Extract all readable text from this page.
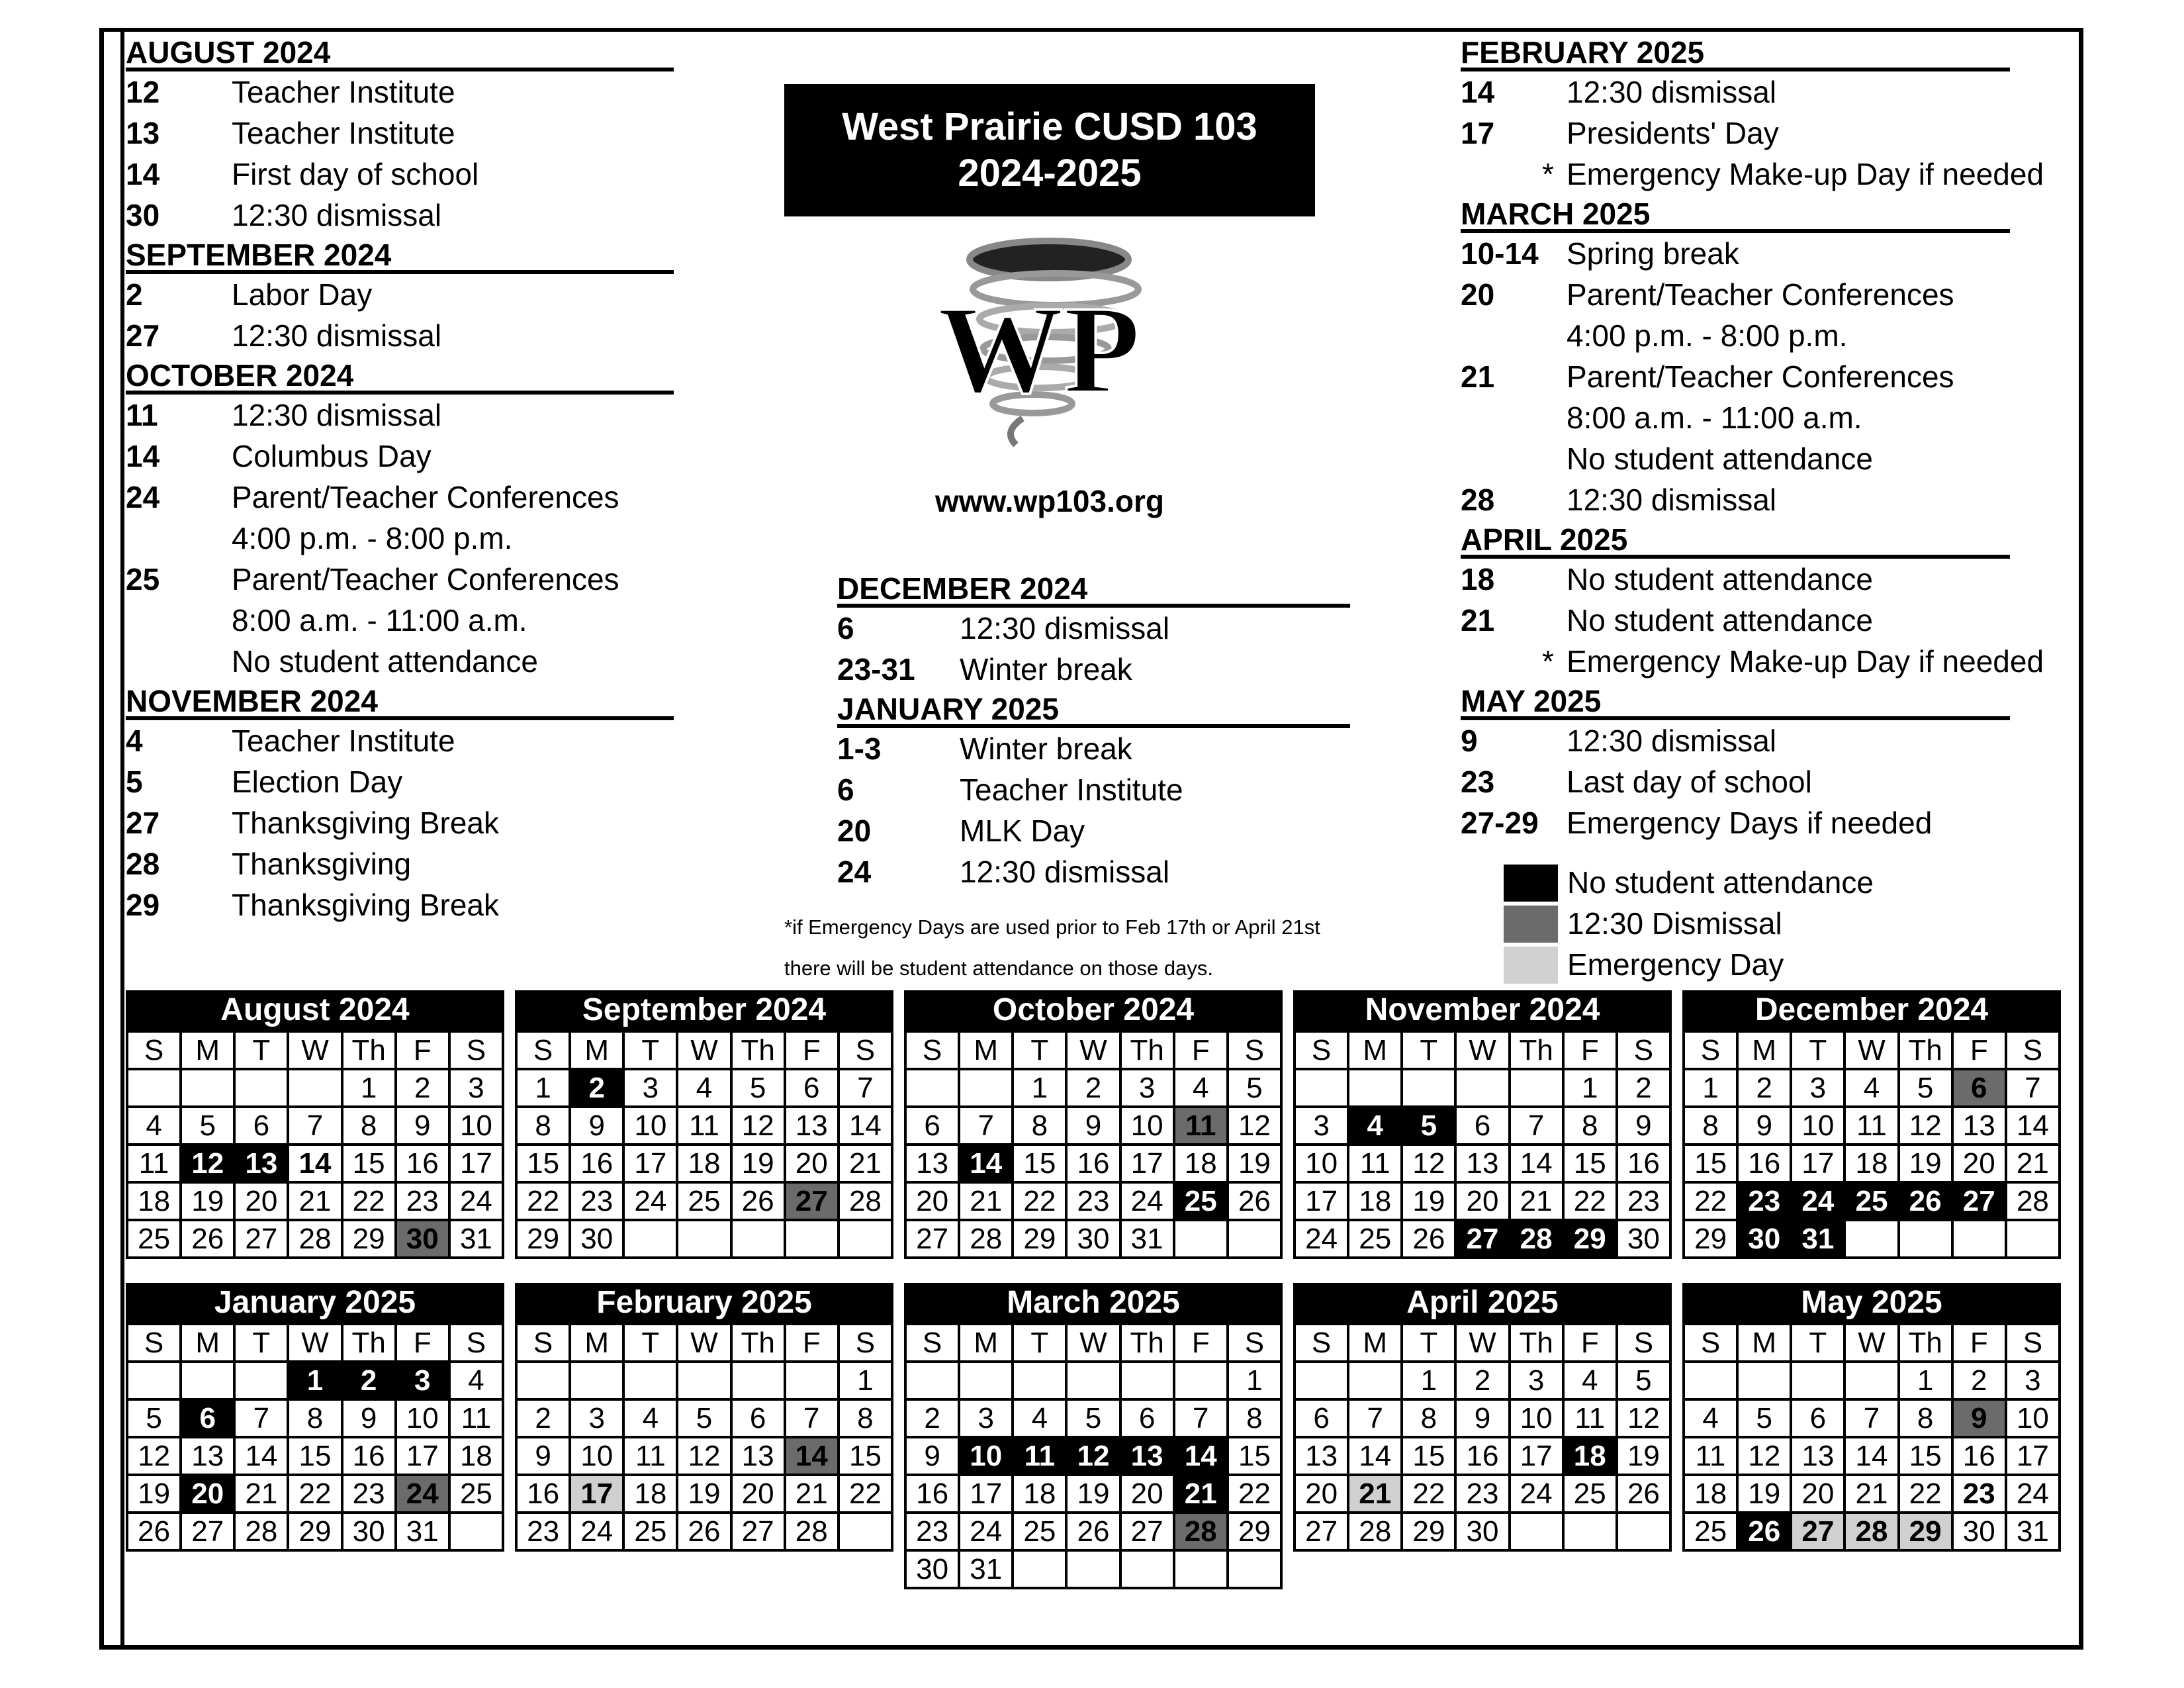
AUGUST 2024
12 Teacher Institute
13 Teacher Institute
14 First day of school
30 12:30 dismissal
SEPTEMBER 2024
2	Labor Day
27 12:30 dismissal
OCTOBER 2024
11 12:30 dismissal
14 Columbus Day
24 Parent/Teacher Conferences
4:00 p.m. - 8:00 p.m.
25 Parent/Teacher Conferences
8:00 a.m. - 11:00 a.m.
No student attendance
NOVEMBER 2024
4	Teacher Institute
5	Election Day
27 Thanksgiving Break
28 Thanksgiving
29 Thanksgiving Break
DECEMBER 2024
6	12:30 dismissal
23-31 Winter break
JANUARY 2025
1-3	Winter break
6	Teacher Institute
20	MLK Day
24	12:30 dismissal
FEBRUARY 2025
14 12:30 dismissal
17 Presidents' Day
* Emergency Make-up Day if needed
MARCH 2025
10-14 Spring break
20 Parent/Teacher Conferences
4:00 p.m. - 8:00 p.m.
21 Parent/Teacher Conferences
8:00 a.m. - 11:00 a.m.
No student attendance
28 12:30 dismissal
APRIL 2025
18 No student attendance
21 No student attendance
* Emergency Make-up Day if needed
MAY 2025
9	12:30 dismissal
23 Last day of school
27-29 Emergency Days if needed
West Prairie CUSD 103
2024-2025
WP
www.wp103.org
*if Emergency Days are used prior to Feb 17th or April 21st
there will be student attendance on those days.
No student attendance
12:30 Dismissal
Emergency Day
August 2024
S	M	T	W	Th	F	S
				1	2	3
4	5	6	7	8	9	10
11	12	13	14	15	16	17
18	19	20	21	22	23	24
25	26	27	28	29	30	31
September 2024
S	M	T	W	Th	F	S
1	2	3	4	5	6	7
8	9	10	11	12	13	14
15	16	17	18	19	20	21
22	23	24	25	26	27	28
29	30					
October 2024
S	M	T	W	Th	F	S
		1	2	3	4	5
6	7	8	9	10	11	12
13	14	15	16	17	18	19
20	21	22	23	24	25	26
27	28	29	30	31		
November 2024
S	M	T	W	Th	F	S
					1	2
3	4	5	6	7	8	9
10	11	12	13	14	15	16
17	18	19	20	21	22	23
24	25	26	27	28	29	30
December 2024
S	M	T	W	Th	F	S
1	2	3	4	5	6	7
8	9	10	11	12	13	14
15	16	17	18	19	20	21
22	23	24	25	26	27	28
29	30	31				
January 2025
S	M	T	W	Th	F	S
			1	2	3	4
5	6	7	8	9	10	11
12	13	14	15	16	17	18
19	20	21	22	23	24	25
26	27	28	29	30	31	
February 2025
S	M	T	W	Th	F	S
						1
2	3	4	5	6	7	8
9	10	11	12	13	14	15
16	17	18	19	20	21	22
23	24	25	26	27	28	
March 2025
S	M	T	W	Th	F	S
						1
2	3	4	5	6	7	8
9	10	11	12	13	14	15
16	17	18	19	20	21	22
23	24	25	26	27	28	29
30	31					
April 2025
S	M	T	W	Th	F	S
		1	2	3	4	5
6	7	8	9	10	11	12
13	14	15	16	17	18	19
20	21	22	23	24	25	26
27	28	29	30			
May 2025
S	M	T	W	Th	F	S
				1	2	3
4	5	6	7	8	9	10
11	12	13	14	15	16	17
18	19	20	21	22	23	24
25	26	27	28	29	30	31
